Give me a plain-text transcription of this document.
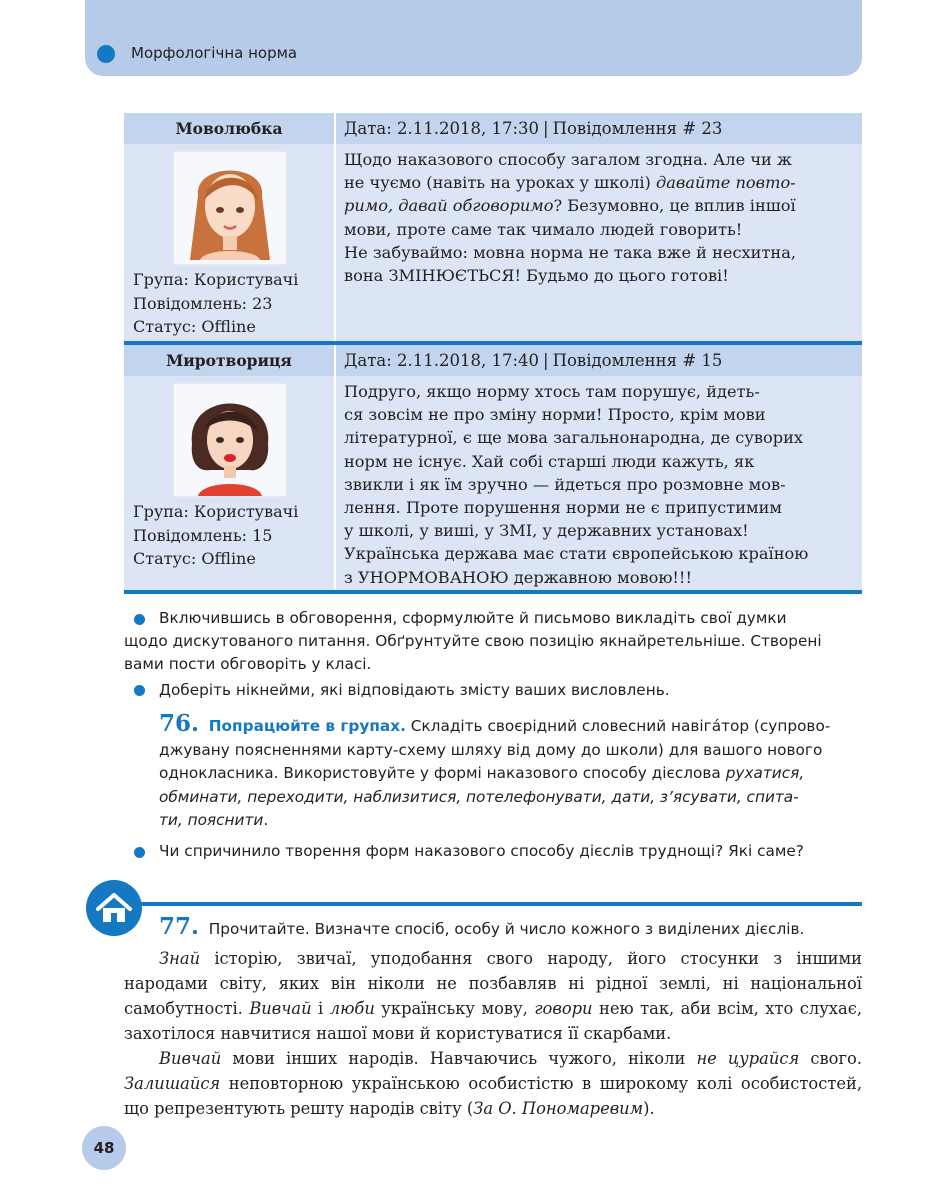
Морфологічна норма
Моволюбка	Дата: 2.11.2018, 17:30 | Повідомлення # 23
Група: Користувачі
Повідомлень: 23
Статус: Offline
Щодо наказового способу загалом згодна. Але чи ж
не чуємо (навіть на уроках у школі) давайте повто-
римо, давай обговоримо? Безумовно, це вплив іншої
мови, проте саме так чимало людей говорить!
Не забуваймо: мовна норма не така вже й несхитна,
вона ЗМІНЮЄТЬСЯ! Будьмо до цього готові!
Миротвориця	Дата: 2.11.2018, 17:40 | Повідомлення # 15
Група: Користувачі
Повідомлень: 15
Статус: Offline
Подруго, якщо норму хтось там порушує, йдеть-
ся зовсім не про зміну норми! Просто, крім мови
літературної, є ще мова загальнонародна, де суворих
норм не існує. Хай собі старші люди кажуть, як
звикли і як їм зручно — йдеться про розмовне мов-
лення. Проте порушення норми не є припустимим
у школі, у виші, у ЗМІ, у державних установах!
Українська держава має стати європейською країною
з УНОРМОВАНОЮ державною мовою!!!
Включившись в обговорення, сформулюйте й письмово викладіть свої думки
щодо дискутованого питання. Обґрунтуйте свою позицію якнайретельніше. Створені
вами пости обговоріть у класі.
Доберіть нікнейми, які відповідають змісту ваших висловлень.
76. Попрацюйте в групах. Складіть своєрідний словесний навіга́тор (супрово-
джувану поясненнями карту-схему шляху від дому до школи) для вашого нового
однокласника. Використовуйте у формі наказового способу дієслова рухатися,
обминати, переходити, наблизитися, потелефонувати, дати, з’ясувати, спита-
ти, пояснити.
Чи спричинило творення форм наказового способу дієслів труднощі? Які саме?
77. Прочитайте. Визначте спосіб, особу й число кожного з виділених дієслів.
Знай історію, звичаї, уподобання свого народу, його стосунки з іншими народами світу, яких він ніколи не позбавляв ні рідної землі, ні національної самобутності. Вивчай і люби українську мову, говори нею так, аби всім, хто слухає, захотілося навчитися нашої мови й користуватися її скарбами.
Вивчай мови інших народів. Навчаючись чужого, ніколи не цурайся свого. Залишайся неповторною українською особистістю в широкому колі особистостей, що репрезентують решту народів світу (За О. Пономаревим).
48
